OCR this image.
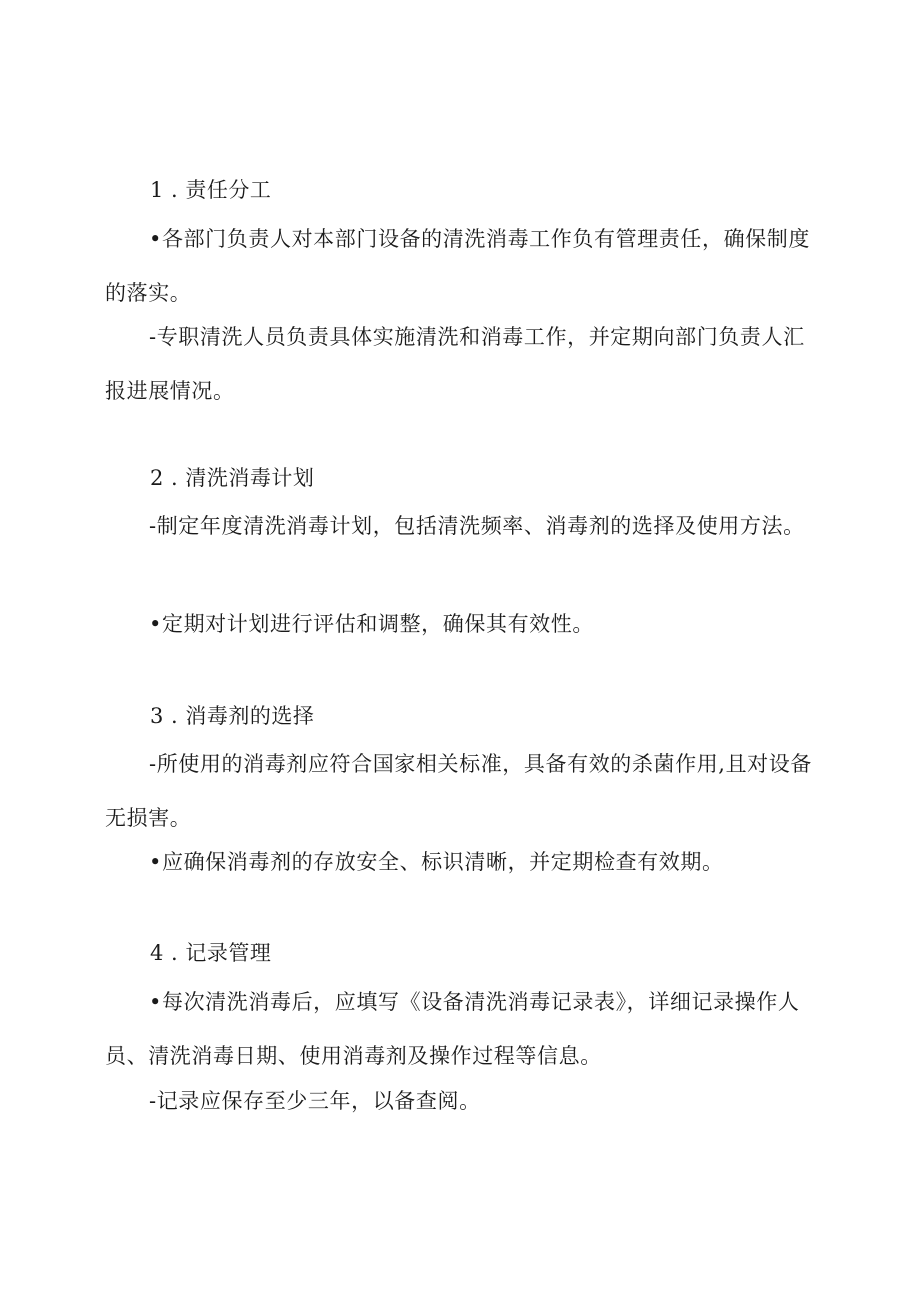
1 . 责任分工
•各部门负责人对本部门设备的清洗消毒工作负有管理责任，确保制度的落实。
-专职清洗人员负责具体实施清洗和消毒工作，并定期向部门负责人汇报进展情况。
2 . 清洗消毒计划
-制定年度清洗消毒计划，包括清洗频率、消毒剂的选择及使用方法。
•定期对计划进行评估和调整，确保其有效性。
3 . 消毒剂的选择
-所使用的消毒剂应符合国家相关标准，具备有效的杀菌作用,且对设备无损害。
•应确保消毒剂的存放安全、标识清晰，并定期检查有效期。
4 . 记录管理
•每次清洗消毒后，应填写《设备清洗消毒记录表》，详细记录操作人员、清洗消毒日期、使用消毒剂及操作过程等信息。
-记录应保存至少三年，以备查阅。
